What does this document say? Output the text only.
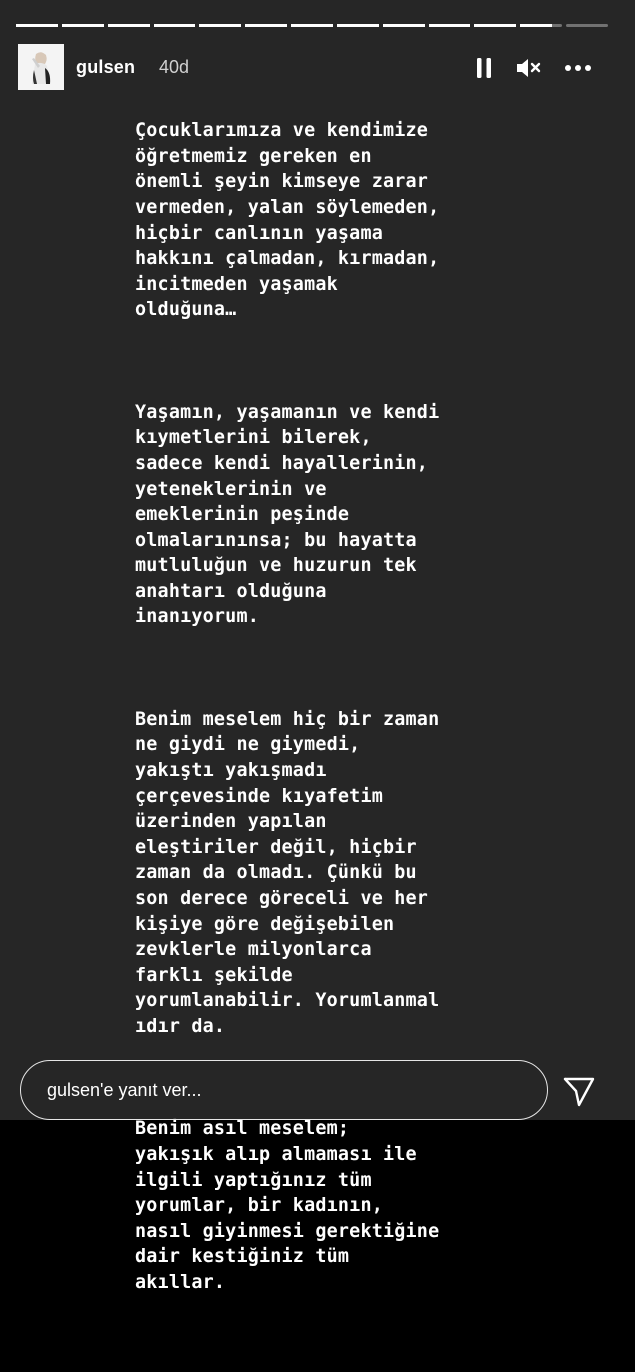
gulsen 40d

Çocuklarımıza ve kendimize
öğretmemiz gereken en
önemli şeyin kimseye zarar
vermeden, yalan söylemeden,
hiçbir canlının yaşama
hakkını çalmadan, kırmadan,
incitmeden yaşamak
olduğuna…

Yaşamın, yaşamanın ve kendi
kıymetlerini bilerek,
sadece kendi hayallerinin,
yeteneklerinin ve
emeklerinin peşinde
olmalarınınsa; bu hayatta
mutluluğun ve huzurun tek
anahtarı olduğuna
inanıyorum.

Benim meselem hiç bir zaman
ne giydi ne giymedi,
yakıştı yakışmadı
çerçevesinde kıyafetim
üzerinden yapılan
eleştiriler değil, hiçbir
zaman da olmadı. Çünkü bu
son derece göreceli ve her
kişiye göre değişebilen
zevklerle milyonlarca
farklı şekilde
yorumlanabilir. Yorumlanmal
ıdır da.

Benim asıl meselem;
yakışık alıp almaması ile
ilgili yaptığınız tüm
yorumlar, bir kadının,
nasıl giyinmesi gerektiğine
dair kestiğiniz tüm
akıllar.

gulsen'e yanıt ver...
